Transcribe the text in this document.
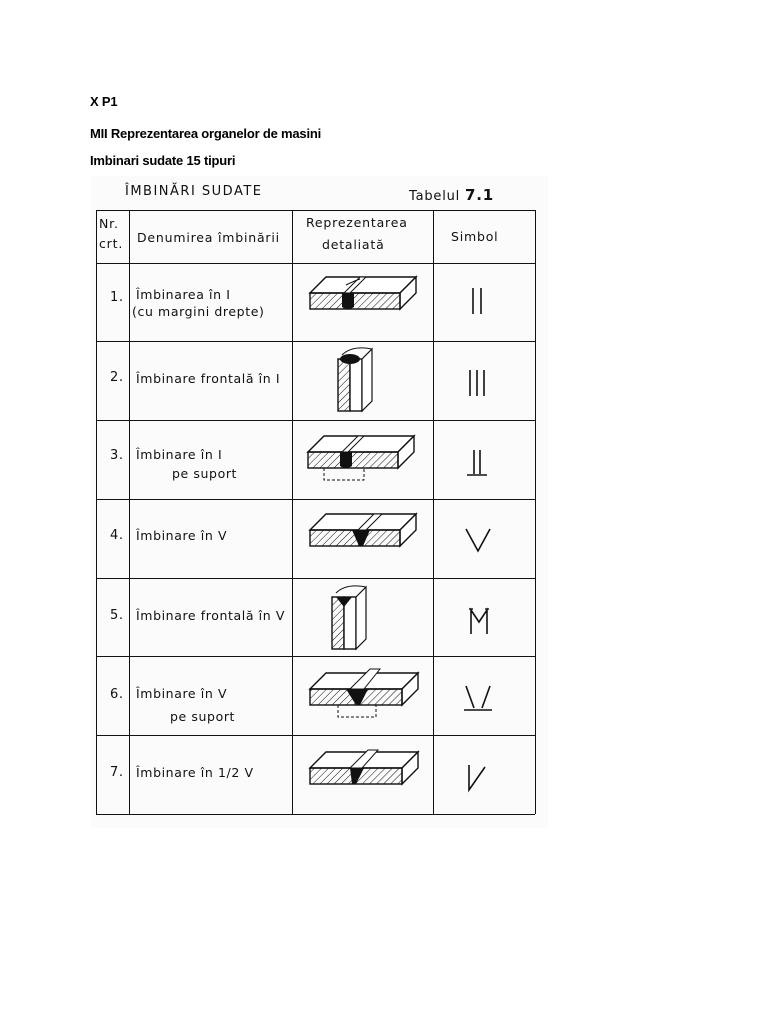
X P1
MII Reprezentarea organelor de masini
Imbinari sudate 15 tipuri
ÎMBINĂRI SUDATE	Tabelul 7.1
Nr.
crt. Denumirea îmbinării
Reprezentarea
detaliată
Simbol
1. Îmbinarea în I
(cu margini drepte)
2. Îmbinare frontală în I
3. Îmbinare în I
pe suport
4. Îmbinare în V
5. Îmbinare frontală în V
6. Îmbinare în V
pe suport
7. Îmbinare în 1/2 V
